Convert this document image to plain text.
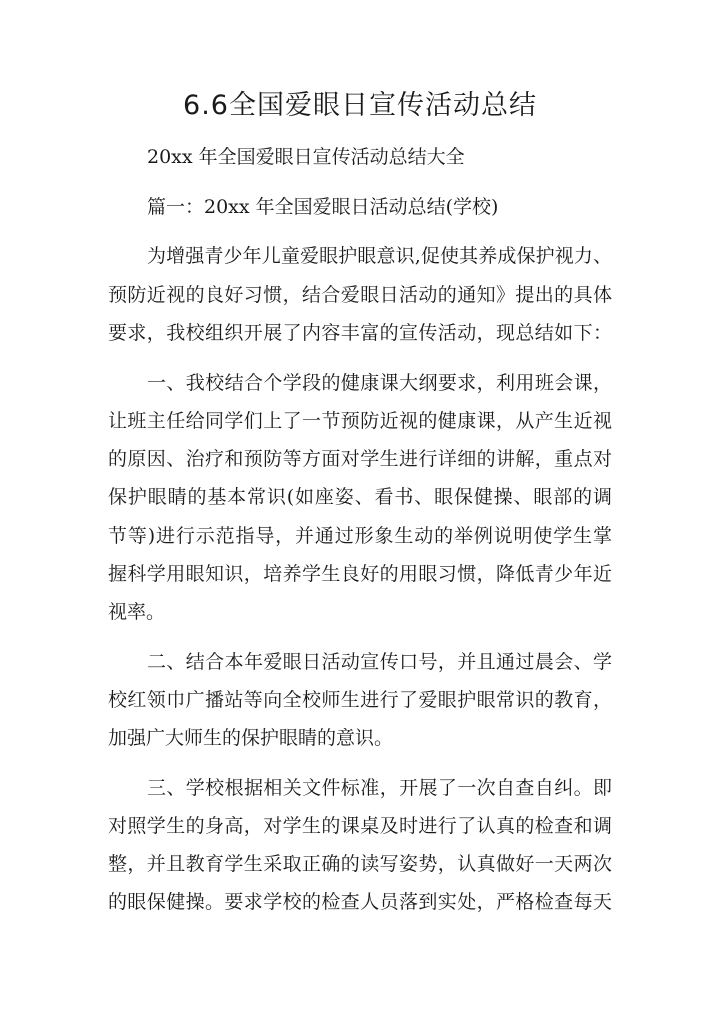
6.6全国爱眼日宣传活动总结

20xx 年全国爱眼日宣传活动总结大全

篇一：20xx 年全国爱眼日活动总结(学校)

为增强青少年儿童爱眼护眼意识,促使其养成保护视力、

预防近视的良好习惯，结合爱眼日活动的通知》提出的具体

要求，我校组织开展了内容丰富的宣传活动，现总结如下：

一、我校结合个学段的健康课大纲要求，利用班会课，

让班主任给同学们上了一节预防近视的健康课，从产生近视

的原因、治疗和预防等方面对学生进行详细的讲解，重点对

保护眼睛的基本常识(如座姿、看书、眼保健操、眼部的调

节等)进行示范指导，并通过形象生动的举例说明使学生掌

握科学用眼知识，培养学生良好的用眼习惯，降低青少年近

视率。

二、结合本年爱眼日活动宣传口号，并且通过晨会、学

校红领巾广播站等向全校师生进行了爱眼护眼常识的教育，

加强广大师生的保护眼睛的意识。

三、学校根据相关文件标准，开展了一次自查自纠。即

对照学生的身高，对学生的课桌及时进行了认真的检查和调

整，并且教育学生采取正确的读写姿势，认真做好一天两次

的眼保健操。要求学校的检查人员落到实处，严格检查每天
